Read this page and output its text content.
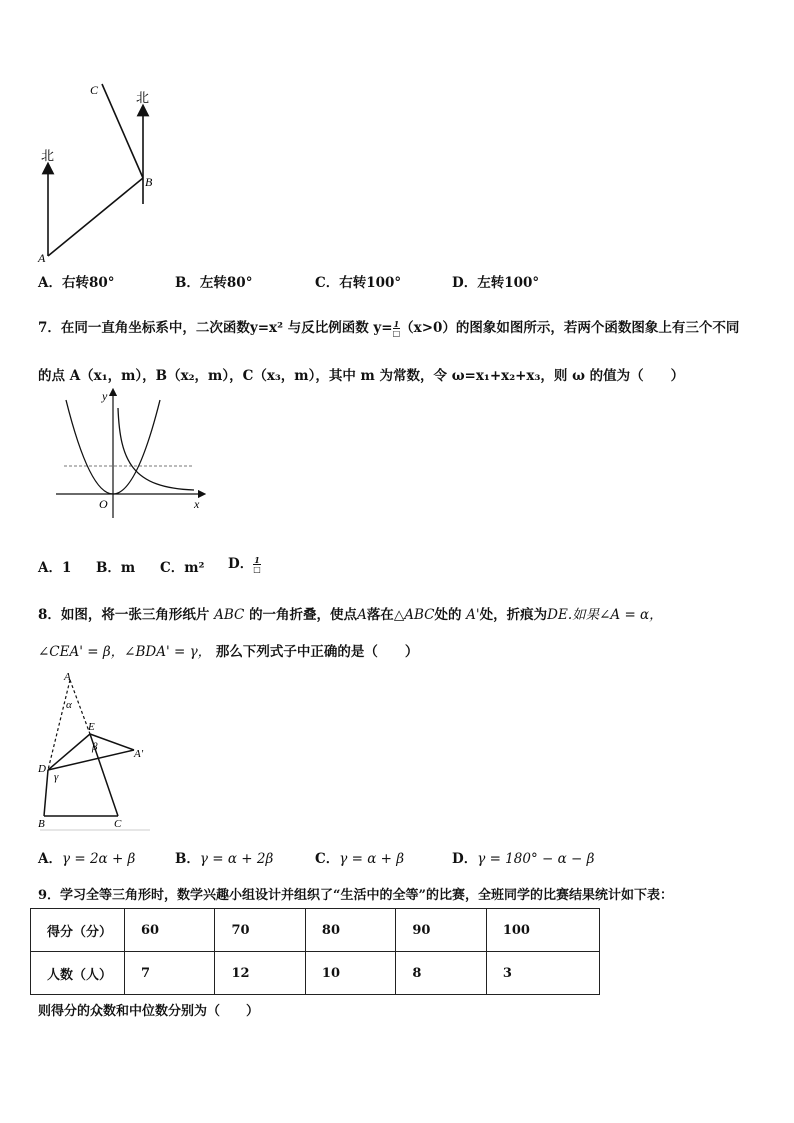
C
B
A
北
北
A．右转80°	B．左转80°	C．右转100°	D．左转100°
7．在同一直角坐标系中，二次函数y=x² 与反比例函数 $y= \frac{1}{□} (x>0)$的图象如图所示，若两个函数图象上有三个不同
的点 A（x₁，m），B（x₂，m），C（x₃，m），其中 m 为常数，令 ω=x₁+x₂+x₃，则 ω 的值为（　　）
y
x
O
A．1 B．m C．m² D． $\frac{1}{□}$
8．如图，将一张三角形纸片 ABC 的一角折叠，使点A落在△ABC处的 A'处，折痕为DE.如果∠A = α，
∠CEA' = β，∠BDA' = γ， 那么下列式子中正确的是（　　）
A
α
E
β
A'
D
γ
B	C
A．γ = 2α + β	B．γ = α + 2β	C．γ = α + β	D．γ = 180° − α − β
9．学习全等三角形时，数学兴趣小组设计并组织了“生活中的全等”的比赛，全班同学的比赛结果统计如下表：
得分（分）	60	70	80	90	100
人数（人）	7	12	10	8	3
则得分的众数和中位数分别为（　　）
